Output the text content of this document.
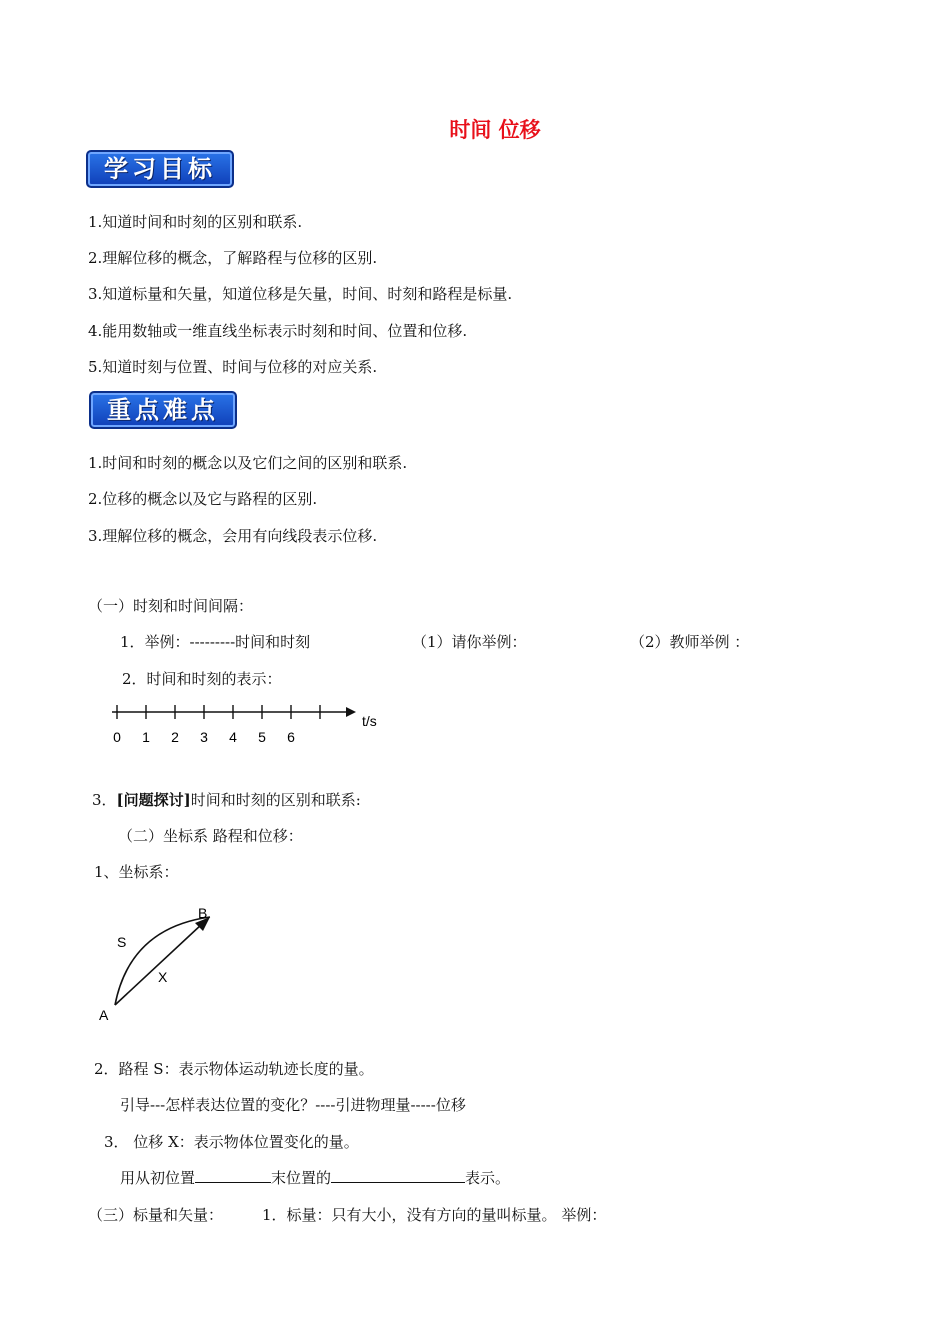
时间 位移
学习目标
1.知道时间和时刻的区别和联系.
2.理解位移的概念，了解路程与位移的区别.
3.知道标量和矢量，知道位移是矢量，时间、时刻和路程是标量.
4.能用数轴或一维直线坐标表示时刻和时间、位置和位移.
5.知道时刻与位置、时间与位移的对应关系.
重点难点
1.时间和时刻的概念以及它们之间的区别和联系.
2.位移的概念以及它与路程的区别.
3.理解位移的概念，会用有向线段表示位移.
（一）时刻和时间间隔：
1．举例：---------时间和时刻	（1）请你举例：	（2）教师举例 ：
2．时间和时刻的表示：
t/s
0 1 2 3 4 5 6
3．[问题探讨]时间和时刻的区别和联系:
（二）坐标系 路程和位移：
1、坐标系：
A
B
S
X
2．路程 S：表示物体运动轨迹长度的量。
引导---怎样表达位置的变化？----引进物理量-----位移
3． 位移 X：表示物体位置变化的量。
用从初位置	末位置的	表示。
（三）标量和矢量：	1．标量：只有大小，没有方向的量叫标量。 举例：
